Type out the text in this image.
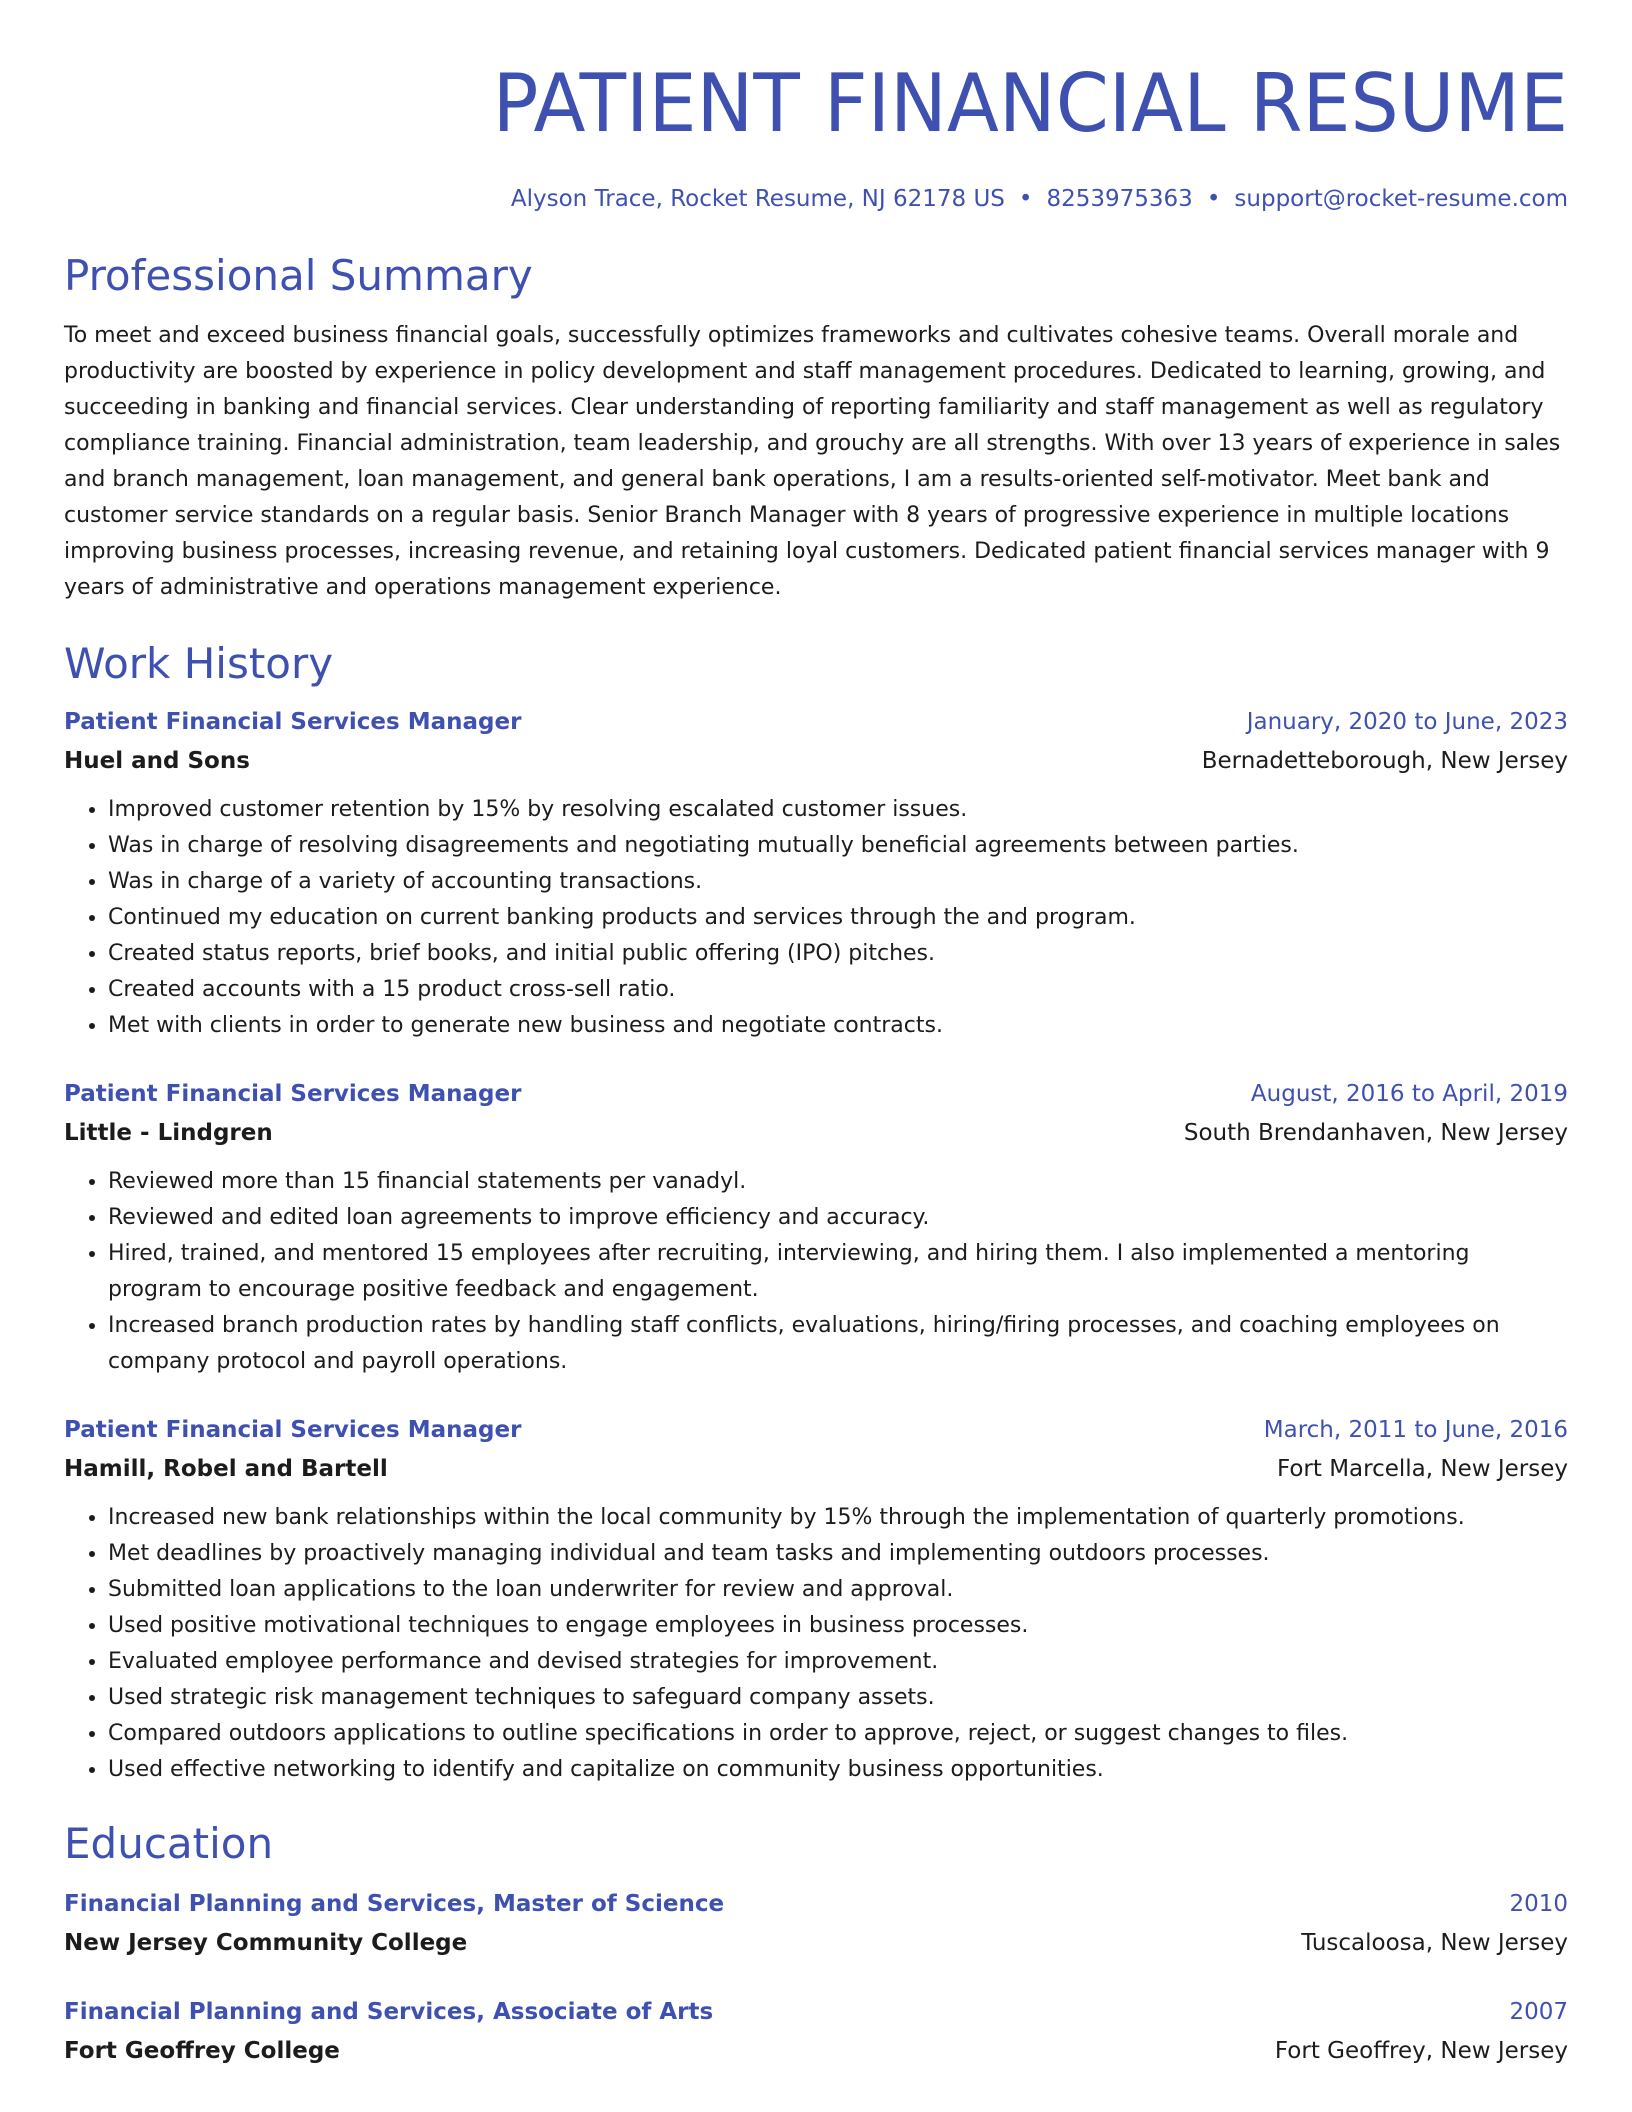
PATIENT FINANCIAL RESUME
Alyson Trace, Rocket Resume, NJ 62178 US • 8253975363 • support@rocket-resume.com
Professional Summary
To meet and exceed business financial goals, successfully optimizes frameworks and cultivates cohesive teams. Overall morale and productivity are boosted by experience in policy development and staff management procedures. Dedicated to learning, growing, and succeeding in banking and financial services. Clear understanding of reporting familiarity and staff management as well as regulatory compliance training. Financial administration, team leadership, and grouchy are all strengths. With over 13 years of experience in sales and branch management, loan management, and general bank operations, I am a results-oriented self-motivator. Meet bank and customer service standards on a regular basis. Senior Branch Manager with 8 years of progressive experience in multiple locations improving business processes, increasing revenue, and retaining loyal customers. Dedicated patient financial services manager with 9 years of administrative and operations management experience.
Work History
Patient Financial Services Manager	January, 2020 to June, 2023
Huel and Sons	Bernadetteborough, New Jersey
• Improved customer retention by 15% by resolving escalated customer issues.
• Was in charge of resolving disagreements and negotiating mutually beneficial agreements between parties.
• Was in charge of a variety of accounting transactions.
• Continued my education on current banking products and services through the and program.
• Created status reports, brief books, and initial public offering (IPO) pitches.
• Created accounts with a 15 product cross-sell ratio.
• Met with clients in order to generate new business and negotiate contracts.
Patient Financial Services Manager	August, 2016 to April, 2019
Little - Lindgren	South Brendanhaven, New Jersey
• Reviewed more than 15 financial statements per vanadyl.
• Reviewed and edited loan agreements to improve efficiency and accuracy.
• Hired, trained, and mentored 15 employees after recruiting, interviewing, and hiring them. I also implemented a mentoring program to encourage positive feedback and engagement.
• Increased branch production rates by handling staff conflicts, evaluations, hiring/firing processes, and coaching employees on company protocol and payroll operations.
Patient Financial Services Manager	March, 2011 to June, 2016
Hamill, Robel and Bartell	Fort Marcella, New Jersey
• Increased new bank relationships within the local community by 15% through the implementation of quarterly promotions.
• Met deadlines by proactively managing individual and team tasks and implementing outdoors processes.
• Submitted loan applications to the loan underwriter for review and approval.
• Used positive motivational techniques to engage employees in business processes.
• Evaluated employee performance and devised strategies for improvement.
• Used strategic risk management techniques to safeguard company assets.
• Compared outdoors applications to outline specifications in order to approve, reject, or suggest changes to files.
• Used effective networking to identify and capitalize on community business opportunities.
Education
Financial Planning and Services, Master of Science	2010
New Jersey Community College	Tuscaloosa, New Jersey
Financial Planning and Services, Associate of Arts	2007
Fort Geoffrey College	Fort Geoffrey, New Jersey
